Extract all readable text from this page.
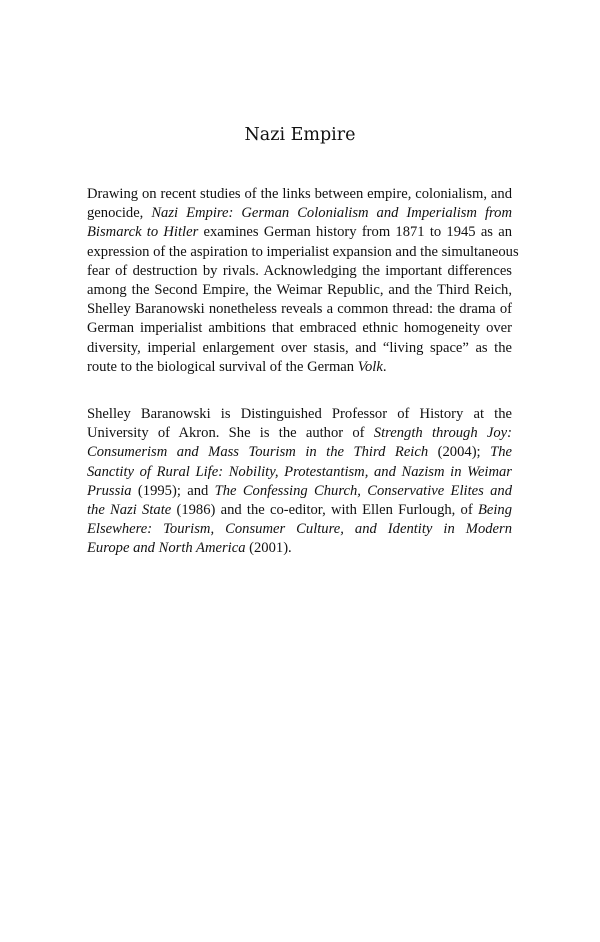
Nazi Empire

Drawing on recent studies of the links between empire, colonialism, and
genocide, Nazi Empire: German Colonialism and Imperialism from
Bismarck to Hitler examines German history from 1871 to 1945 as an
expression of the aspiration to imperialist expansion and the simultaneous
fear of destruction by rivals. Acknowledging the important differences
among the Second Empire, the Weimar Republic, and the Third Reich,
Shelley Baranowski nonetheless reveals a common thread: the drama of
German imperialist ambitions that embraced ethnic homogeneity over
diversity, imperial enlargement over stasis, and “living space” as the
route to the biological survival of the German Volk.

Shelley Baranowski is Distinguished Professor of History at the
University of Akron. She is the author of Strength through Joy:
Consumerism and Mass Tourism in the Third Reich (2004); The
Sanctity of Rural Life: Nobility, Protestantism, and Nazism in Weimar
Prussia (1995); and The Confessing Church, Conservative Elites and
the Nazi State (1986) and the co-editor, with Ellen Furlough, of Being
Elsewhere: Tourism, Consumer Culture, and Identity in Modern
Europe and North America (2001).
